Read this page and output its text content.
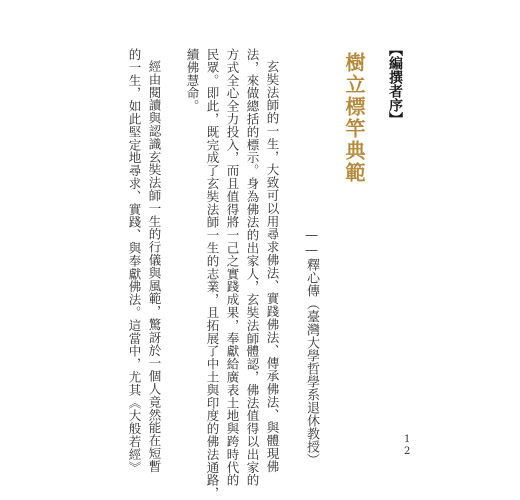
【編撰者序】
樹立標竿典範
——釋心傳（臺灣大學哲學系退休教授）
玄奘法師的一生，大致可以用尋求佛法、實踐佛法、傳承佛法、與體現佛
法，來做總括的標示。身為佛法的出家人，玄奘法師體認，佛法值得以出家的
方式全心全力投入，而且值得將一己之實踐成果，奉獻給廣表土地與跨時代的
民眾。即此，既完成了玄奘法師一生的志業，且拓展了中土與印度的佛法通路，
續佛慧命。
經由閱讀與認識玄奘法師一生的行儀與風範，驚訝於一個人竟然能在短暫
的一生，如此堅定地尋求、實踐、與奉獻佛法。這當中，尤其《大般若經》	1
2
